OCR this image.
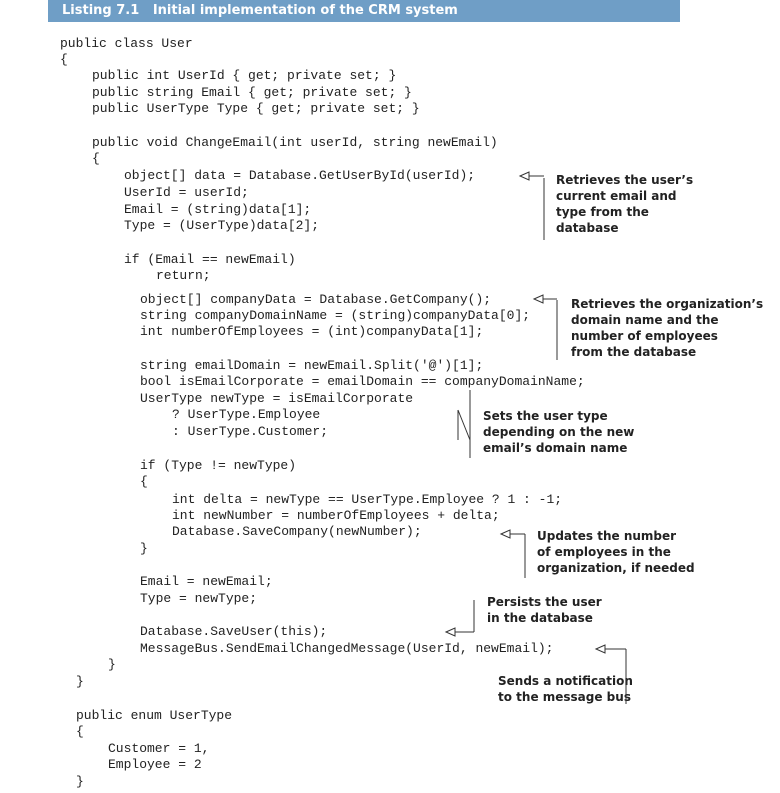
Listing 7.1 Initial implementation of the CRM system
public class User
{
public int UserId { get; private set; }
public string Email { get; private set; }
public UserType Type { get; private set; }
public void ChangeEmail(int userId, string newEmail)
{
object[] data = Database.GetUserById(userId);
UserId = userId;
Email = (string)data[1];
Type = (UserType)data[2];
if (Email == newEmail)
return;
object[] companyData = Database.GetCompany();
string companyDomainName = (string)companyData[0];
int numberOfEmployees = (int)companyData[1];
string emailDomain = newEmail.Split('@')[1];
bool isEmailCorporate = emailDomain == companyDomainName;
UserType newType = isEmailCorporate
? UserType.Employee
: UserType.Customer;
if (Type != newType)
{
int delta = newType == UserType.Employee ? 1 : -1;
int newNumber = numberOfEmployees + delta;
Database.SaveCompany(newNumber);
}
Email = newEmail;
Type = newType;
Database.SaveUser(this);
MessageBus.SendEmailChangedMessage(UserId, newEmail);
}
}
public enum UserType
{
Customer = 1,
Employee = 2
}
Retrieves the user’s
current email and
type from the
database
Retrieves the organization’s
domain name and the
number of employees
from the database
Sets the user type
depending on the new
email’s domain name
Updates the number
of employees in the
organization, if needed
Persists the user
in the database
Sends a notification
to the message bus
